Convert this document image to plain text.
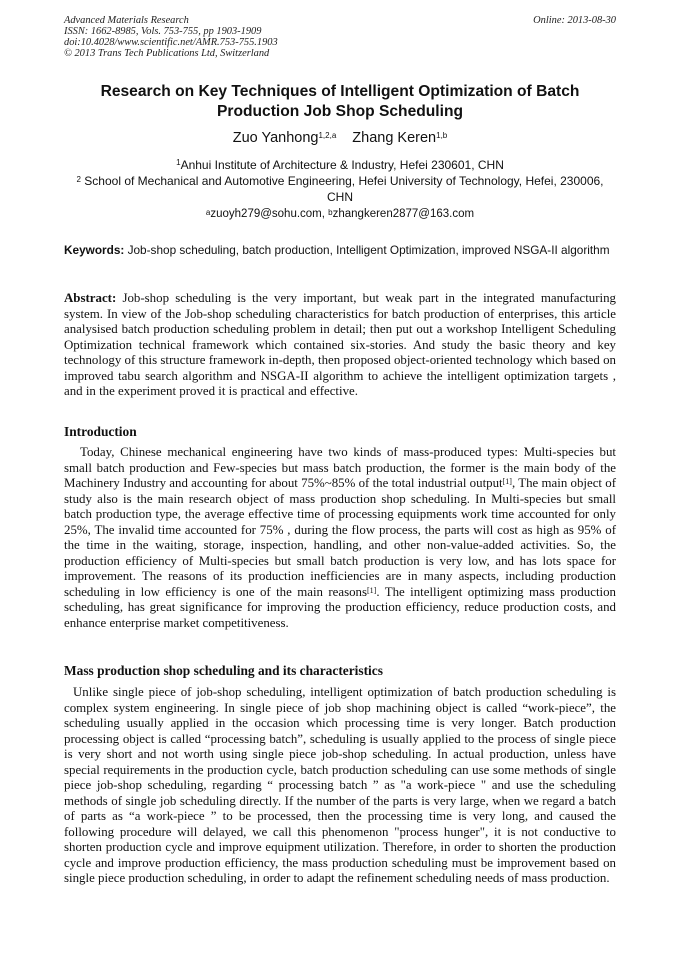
Advanced Materials Research
ISSN: 1662-8985, Vols. 753-755, pp 1903-1909
doi:10.4028/www.scientific.net/AMR.753-755.1903
© 2013 Trans Tech Publications Ltd, Switzerland
Online: 2013-08-30
Research on Key Techniques of Intelligent Optimization of Batch
Production Job Shop Scheduling
Zuo Yanhong$^{1,2,a}$ Zhang Keren$^{1,b}$
$^1$Anhui Institute of Architecture & Industry, Hefei 230601, CHN
$^2$ School of Mechanical and Automotive Engineering, Hefei University of Technology, Hefei, 230006, CHN
$^a$zuoyh279@sohu.com, $^b$zhangkeren2877@163.com
Keywords: Job-shop scheduling, batch production, Intelligent Optimization, improved NSGA-II algorithm
Abstract: Job-shop scheduling is the very important, but weak part in the integrated manufacturing system. In view of the Job-shop scheduling characteristics for batch production of enterprises, this article analysised batch production scheduling problem in detail; then put out a workshop Intelligent Scheduling Optimization technical framework which contained six-stories. And study the basic theory and key technology of this structure framework in-depth, then proposed object-oriented technology which based on improved tabu search algorithm and NSGA-II algorithm to achieve the intelligent optimization targets , and in the experiment proved it is practical and effective.
Introduction
Today, Chinese mechanical engineering have two kinds of mass-produced types: Multi-species but small batch production and Few-species but mass batch production, the former is the main body of the Machinery Industry and accounting for about 75%~85% of the total industrial output[1], The main object of study also is the main research object of mass production shop scheduling. In Multi-species but small batch production type, the average effective time of processing equipments work time accounted for only 25%, The invalid time accounted for 75% , during the flow process, the parts will cost as high as 95% of the time in the waiting, storage, inspection, handling, and other non-value-added activities. So, the production efficiency of Multi-species but small batch production is very low, and has lots space for improvement. The reasons of its production inefficiencies are in many aspects, including production scheduling in low efficiency is one of the main reasons[1]. The intelligent optimizing mass production scheduling, has great significance for improving the production efficiency, reduce production costs, and enhance enterprise market competitiveness.
Mass production shop scheduling and its characteristics
Unlike single piece of job-shop scheduling, intelligent optimization of batch production scheduling is complex system engineering. In single piece of job shop machining object is called “work-piece”, the scheduling usually applied in the occasion which processing time is very longer. Batch production processing object is called “processing batch”, scheduling is usually applied to the process of single piece is very short and not worth using single piece job-shop scheduling. In actual production, unless have special requirements in the production cycle, batch production scheduling can use some methods of single piece job-shop scheduling, regarding “ processing batch ” as "a work-piece " and use the scheduling methods of single job scheduling directly. If the number of the parts is very large, when we regard a batch of parts as “a work-piece ” to be processed, then the processing time is very long, and caused the following procedure will delayed, we call this phenomenon "process hunger", it is not conductive to shorten production cycle and improve equipment utilization. Therefore, in order to shorten the production cycle and improve production efficiency, the mass production scheduling must be improvement based on single piece production scheduling, in order to adapt the refinement scheduling needs of mass production.
